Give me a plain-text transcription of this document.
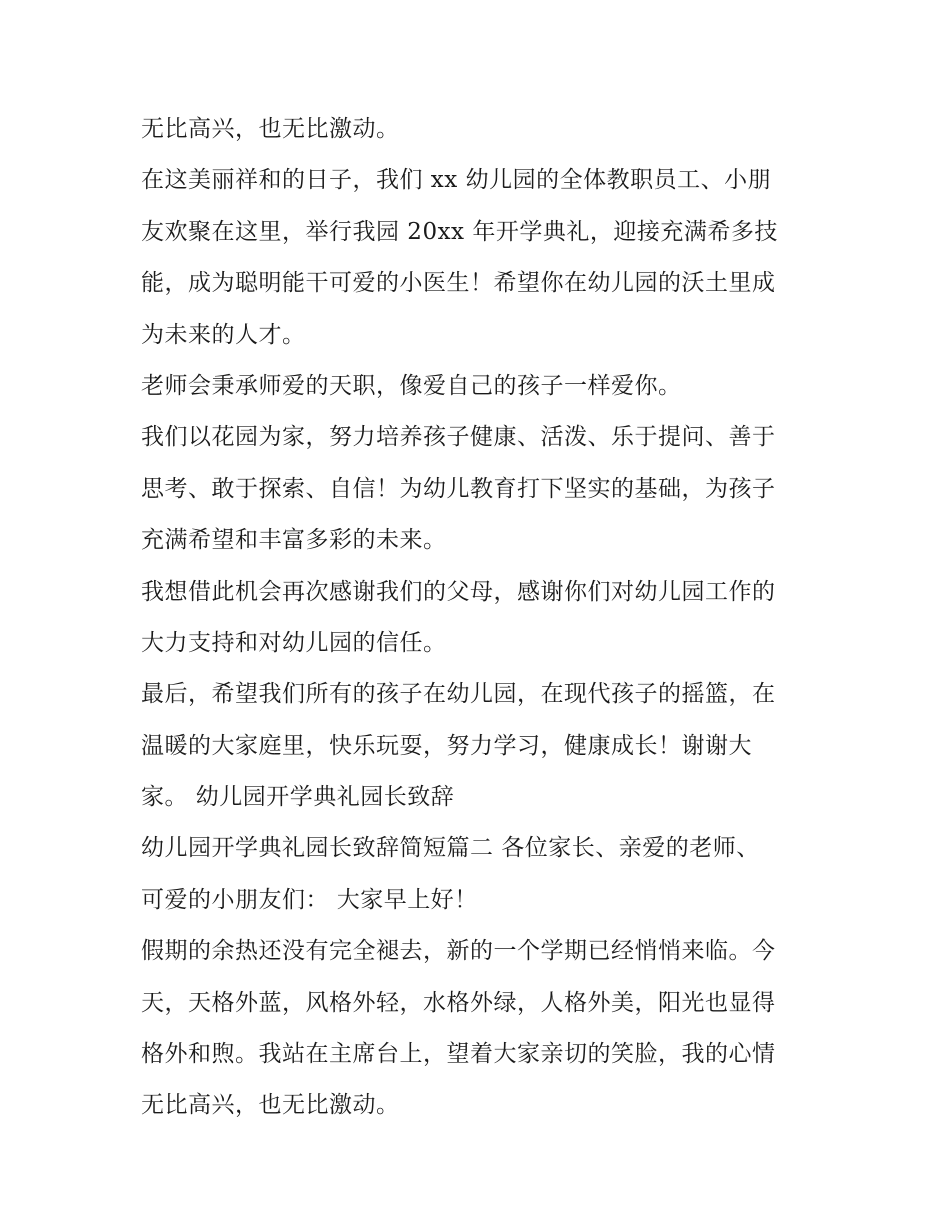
无比高兴，也无比激动。
在这美丽祥和的日子，我们 xx 幼儿园的全体教职员工、小朋
友欢聚在这里，举行我园 20xx 年开学典礼，迎接充满希多技
能，成为聪明能干可爱的小医生！希望你在幼儿园的沃土里成
为未来的人才。
老师会秉承师爱的天职，像爱自己的孩子一样爱你。
我们以花园为家，努力培养孩子健康、活泼、乐于提问、善于
思考、敢于探索、自信！为幼儿教育打下坚实的基础，为孩子
充满希望和丰富多彩的未来。
我想借此机会再次感谢我们的父母，感谢你们对幼儿园工作的
大力支持和对幼儿园的信任。
最后，希望我们所有的孩子在幼儿园，在现代孩子的摇篮，在
温暖的大家庭里，快乐玩耍，努力学习，健康成长！谢谢大
家。 幼儿园开学典礼园长致辞
幼儿园开学典礼园长致辞简短篇二 各位家长、亲爱的老师、
可爱的小朋友们： 大家早上好！
假期的余热还没有完全褪去，新的一个学期已经悄悄来临。今
天，天格外蓝，风格外轻，水格外绿，人格外美，阳光也显得
格外和煦。我站在主席台上，望着大家亲切的笑脸，我的心情
无比高兴，也无比激动。
